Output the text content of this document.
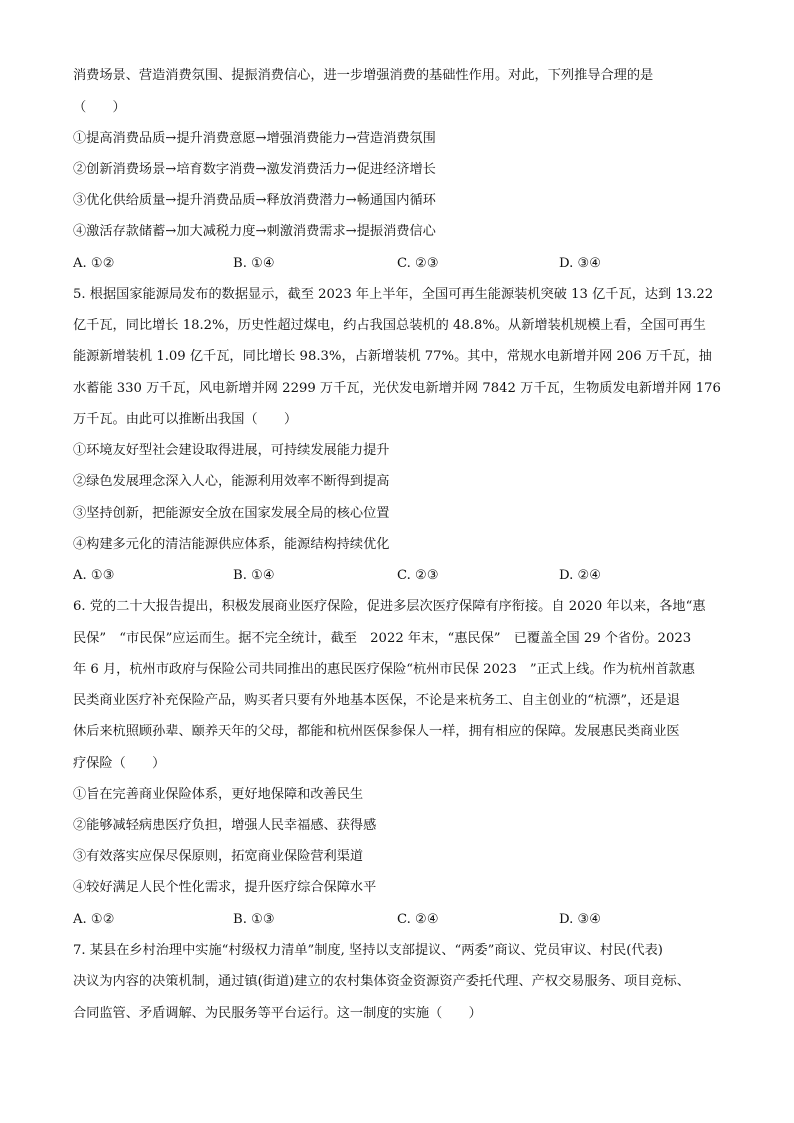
消费场景、营造消费氛围、提振消费信心，进一步增强消费的基础性作用。对此，下列推导合理的是

（　　）

①提高消费品质→提升消费意愿→增强消费能力→营造消费氛围

②创新消费场景→培育数字消费→激发消费活力→促进经济增长

③优化供给质量→提升消费品质→释放消费潜力→畅通国内循环

④激活存款储蓄→加大减税力度→刺激消费需求→提振消费信心

A. ①②	B. ①④	C. ②③	D. ③④

5. 根据国家能源局发布的数据显示，截至 2023 年上半年，全国可再生能源装机突破 13 亿千瓦，达到 13.22

亿千瓦，同比增长 18.2%，历史性超过煤电，约占我国总装机的 48.8%。从新增装机规模上看，全国可再生

能源新增装机 1.09 亿千瓦，同比增长 98.3%，占新增装机 77%。其中，常规水电新增并网 206 万千瓦，抽

水蓄能 330 万千瓦，风电新增并网 2299 万千瓦，光伏发电新增并网 7842 万千瓦，生物质发电新增并网 176

万千瓦。由此可以推断出我国（　　）

①环境友好型社会建设取得进展，可持续发展能力提升

②绿色发展理念深入人心，能源利用效率不断得到提高

③坚持创新，把能源安全放在国家发展全局的核心位置

④构建多元化的清洁能源供应体系，能源结构持续优化

A. ①③	B. ①④	C. ②③	D. ②④

6. 党的二十大报告提出，积极发展商业医疗保险，促进多层次医疗保障有序衔接。自 2020 年以来，各地“惠

民保”　“市民保”应运而生。据不完全统计，截至　2022 年末，“惠民保”　已覆盖全国 29 个省份。2023

年 6 月，杭州市政府与保险公司共同推出的惠民医疗保险“杭州市民保 2023　”正式上线。作为杭州首款惠

民类商业医疗补充保险产品，购买者只要有外地基本医保，不论是来杭务工、自主创业的“杭漂”，还是退

休后来杭照顾孙辈、颐养天年的父母，都能和杭州医保参保人一样，拥有相应的保障。发展惠民类商业医

疗保险（　　）

①旨在完善商业保险体系，更好地保障和改善民生

②能够减轻病患医疗负担，增强人民幸福感、获得感

③有效落实应保尽保原则，拓宽商业保险营利渠道

④较好满足人民个性化需求，提升医疗综合保障水平

A. ①②	B. ①③	C. ②④	D. ③④

7. 某县在乡村治理中实施“村级权力清单”制度, 坚持以支部提议、“两委”商议、党员审议、村民(代表)

决议为内容的决策机制，通过镇(街道)建立的农村集体资金资源资产委托代理、产权交易服务、项目竞标、

合同监管、矛盾调解、为民服务等平台运行。这一制度的实施（　　）
